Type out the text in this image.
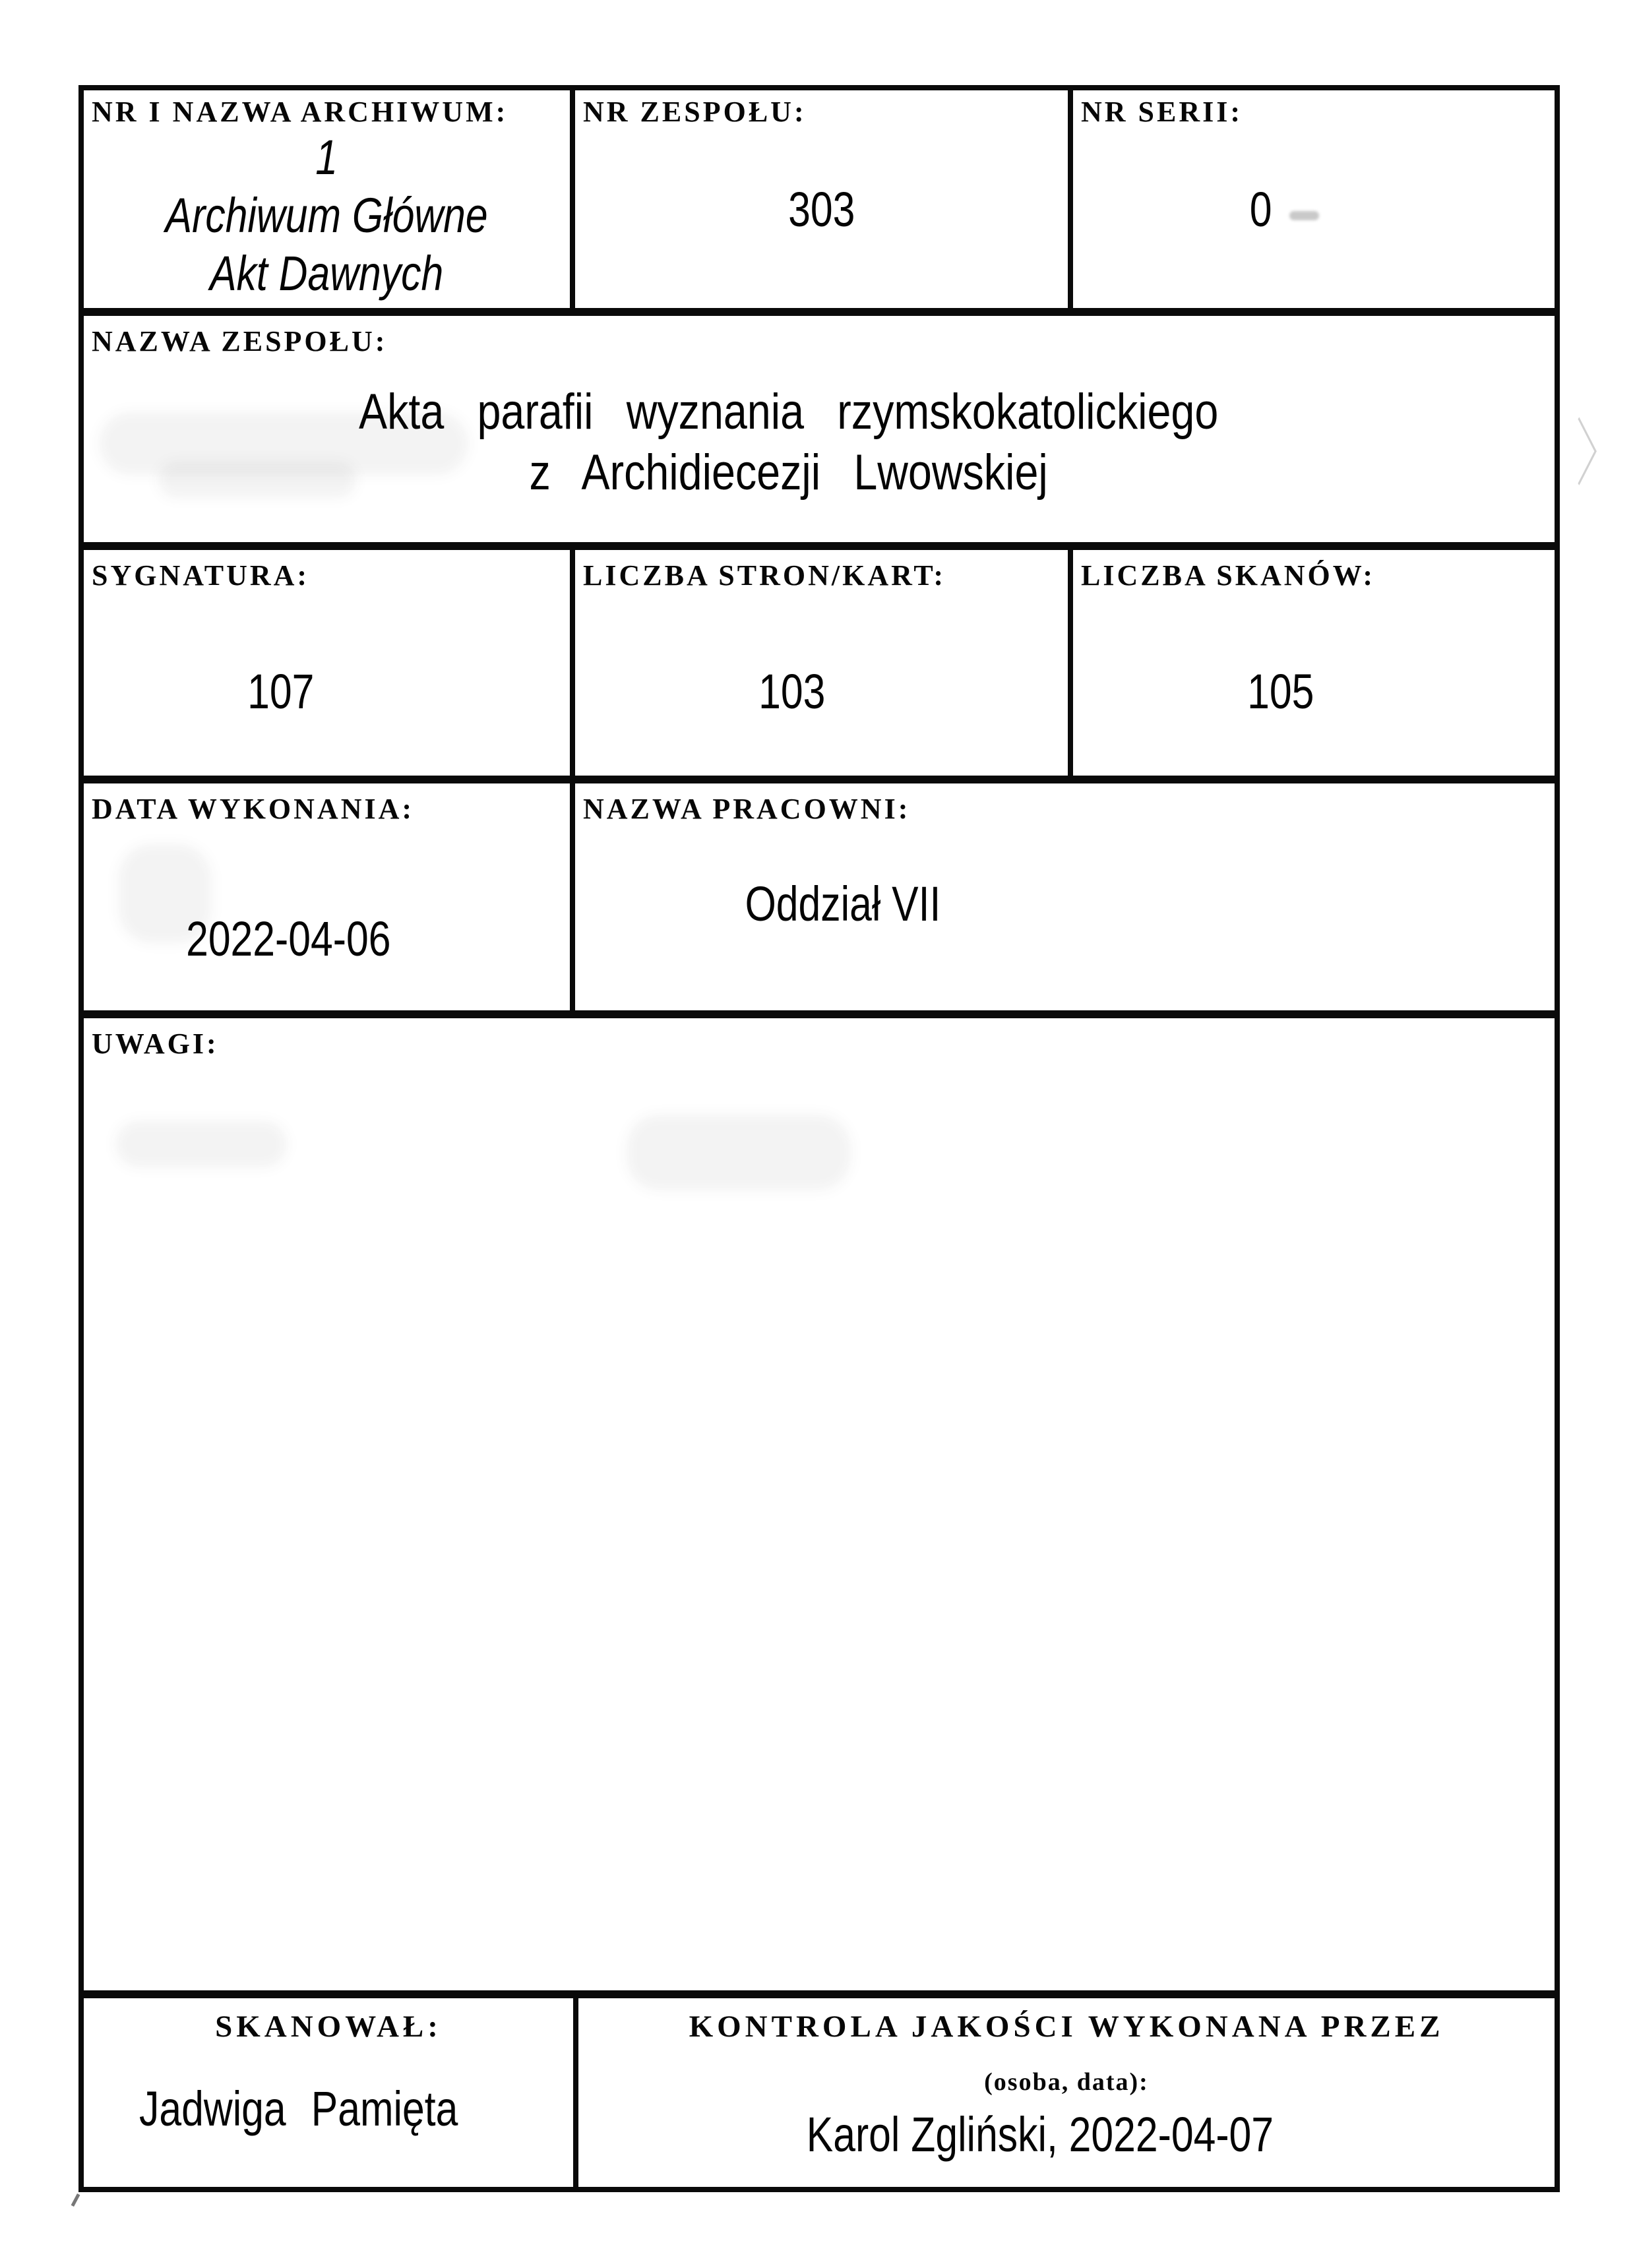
NR I NAZWA ARCHIWUM:
1
Archiwum Główne
Akt Dawnych
NR ZESPOŁU:
303
NR SERII:
0
NAZWA ZESPOŁU:
Akta parafii wyznania rzymskokatolickiego
z Archidiecezji Lwowskiej
SYGNATURA:
107
LICZBA STRON/KART:
103
LICZBA SKANÓW:
105
DATA WYKONANIA:
2022-04-06
NAZWA PRACOWNI:
Oddział VII
UWAGI:
SKANOWAŁ:
Jadwiga Pamięta
KONTROLA JAKOŚCI WYKONANA PRZEZ
(osoba, data):
Karol Zgliński, 2022-04-07
〉
